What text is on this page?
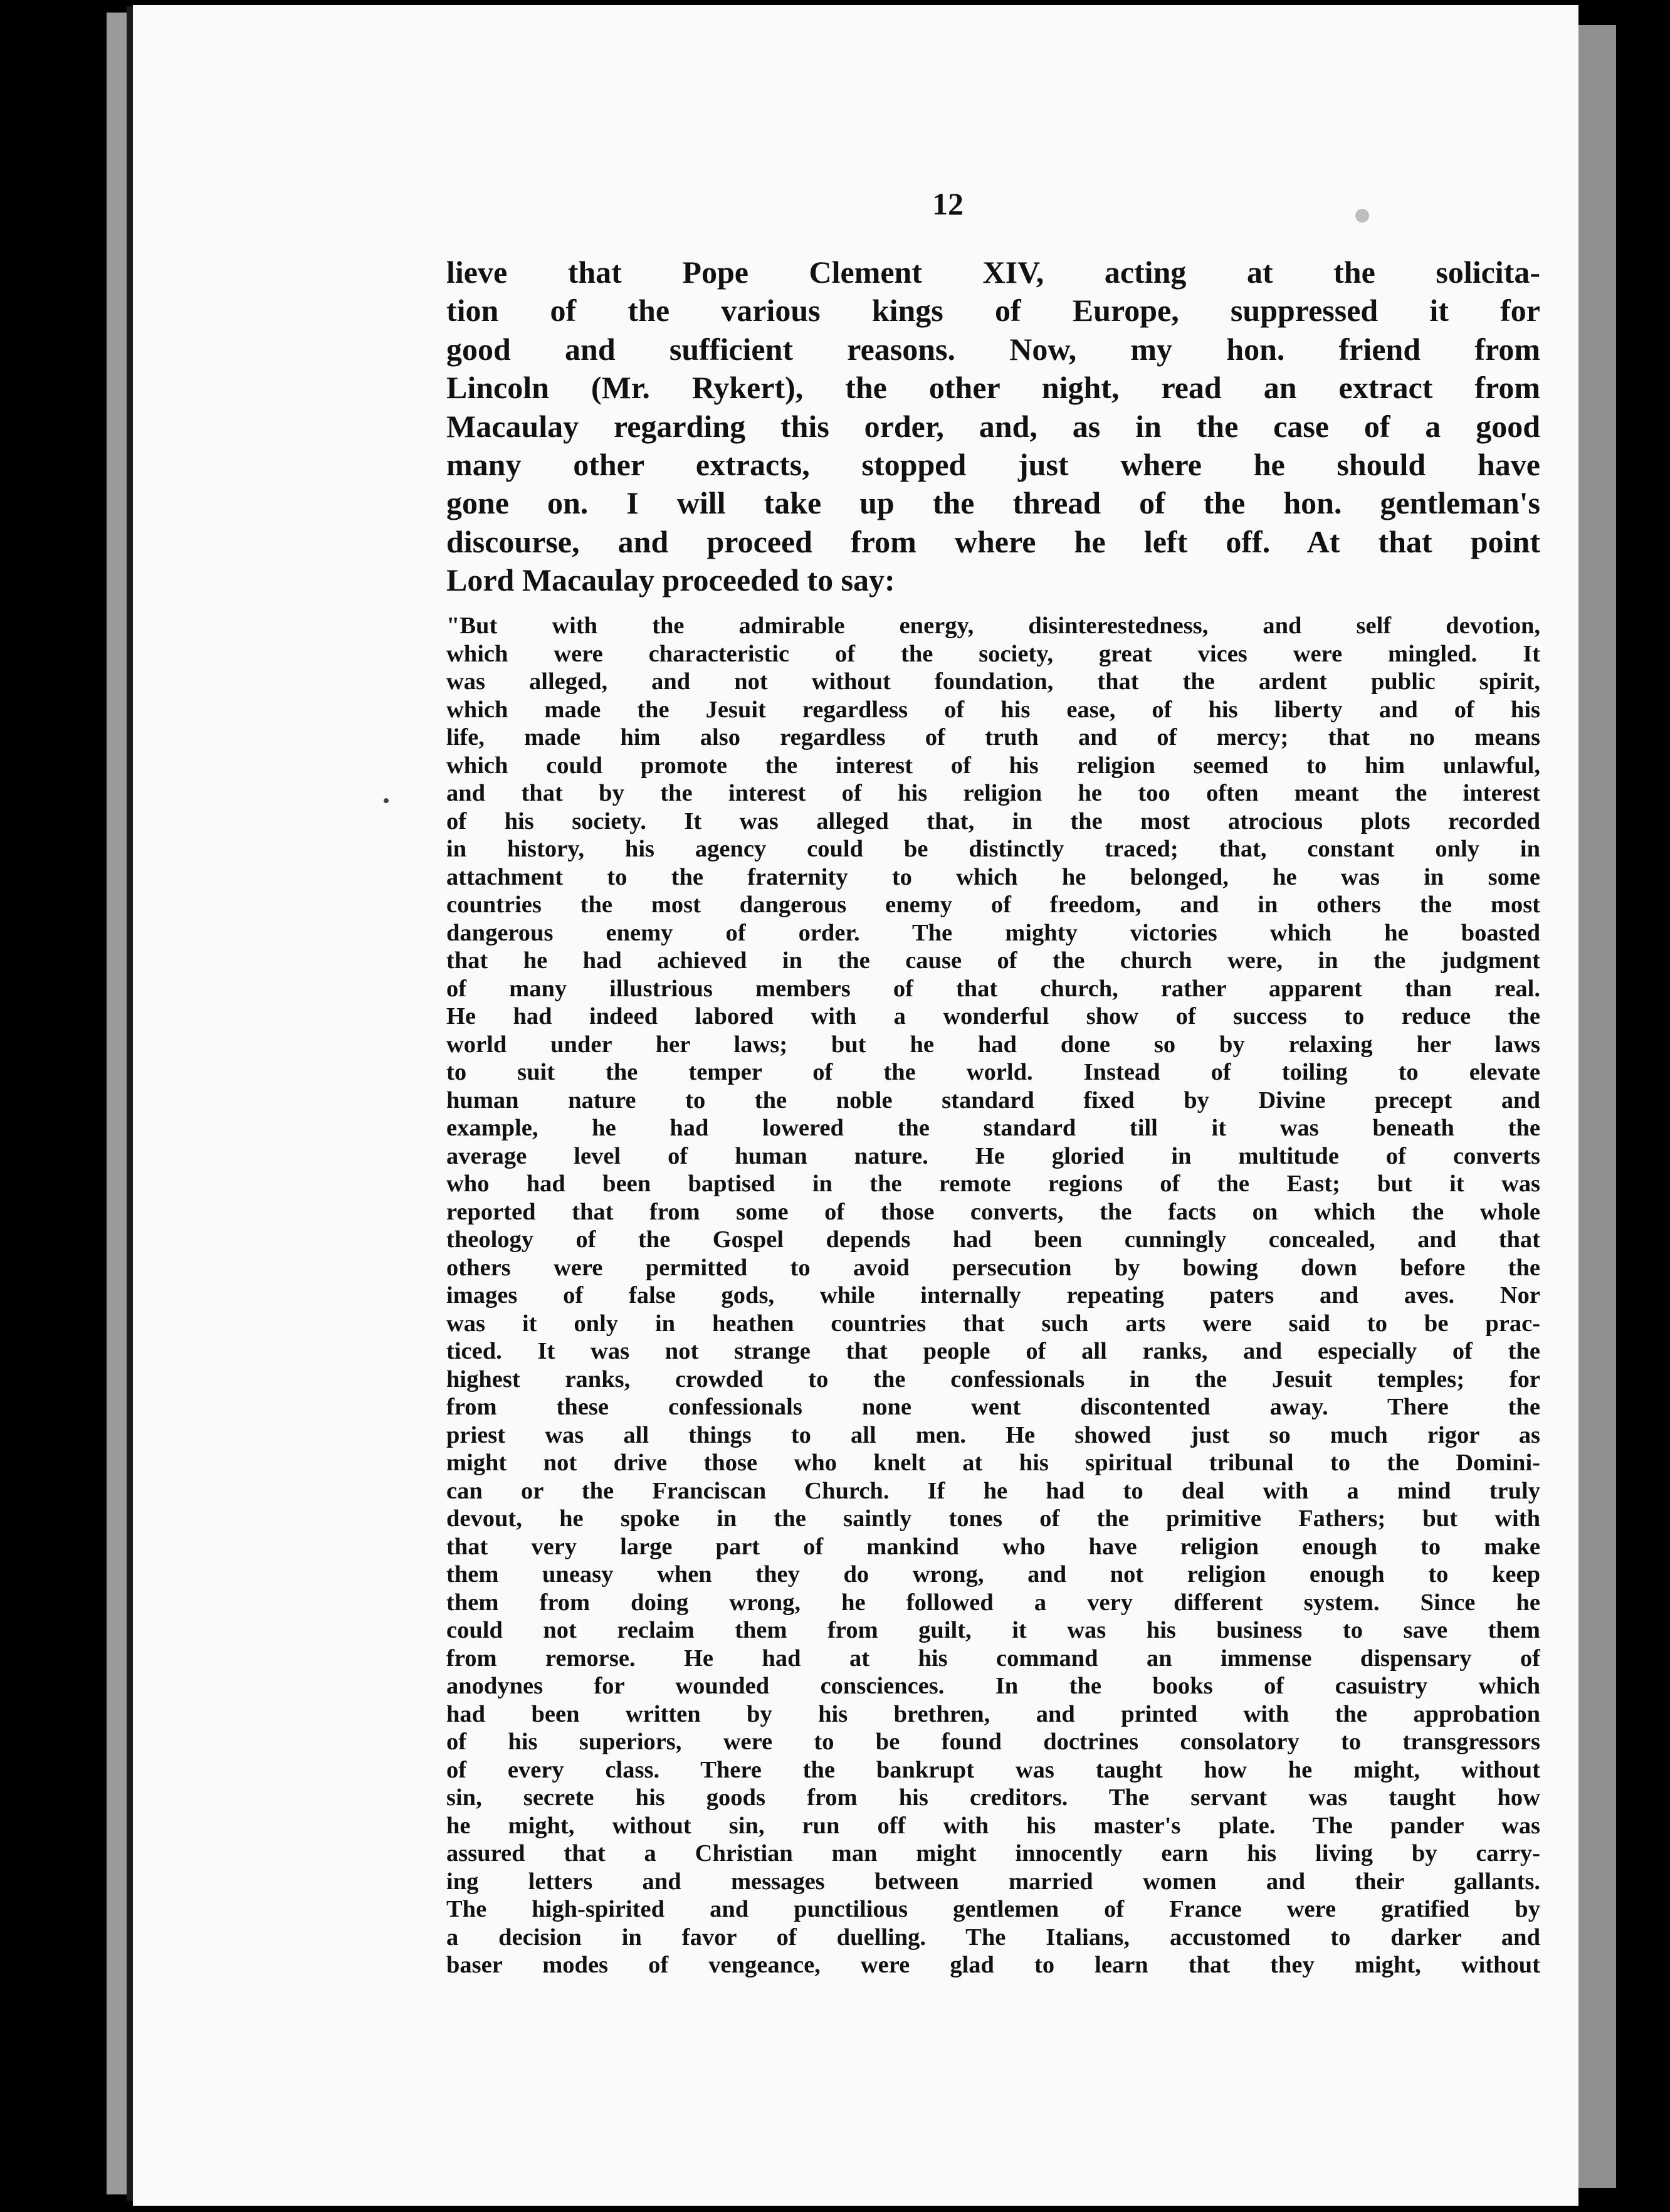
12
lieve that Pope Clement XIV, acting at the solicita-
tion of the various kings of Europe, suppressed it for
good and sufficient reasons. Now, my hon. friend from
Lincoln (Mr. Rykert), the other night, read an extract from
Macaulay regarding this order, and, as in the case of a good
many other extracts, stopped just where he should have
gone on. I will take up the thread of the hon. gentleman's
discourse, and proceed from where he left off. At that point
Lord Macaulay proceeded to say:
"But with the admirable energy, disinterestedness, and self devotion,
which were characteristic of the society, great vices were mingled. It
was alleged, and not without foundation, that the ardent public spirit,
which made the Jesuit regardless of his ease, of his liberty and of his
life, made him also regardless of truth and of mercy; that no means
which could promote the interest of his religion seemed to him unlawful,
and that by the interest of his religion he too often meant the interest
of his society. It was alleged that, in the most atrocious plots recorded
in history, his agency could be distinctly traced; that, constant only in
attachment to the fraternity to which he belonged, he was in some
countries the most dangerous enemy of freedom, and in others the most
dangerous enemy of order. The mighty victories which he boasted
that he had achieved in the cause of the church were, in the judgment
of many illustrious members of that church, rather apparent than real.
He had indeed labored with a wonderful show of success to reduce the
world under her laws; but he had done so by relaxing her laws
to suit the temper of the world. Instead of toiling to elevate
human nature to the noble standard fixed by Divine precept and
example, he had lowered the standard till it was beneath the
average level of human nature. He gloried in multitude of converts
who had been baptised in the remote regions of the East; but it was
reported that from some of those converts, the facts on which the whole
theology of the Gospel depends had been cunningly concealed, and that
others were permitted to avoid persecution by bowing down before the
images of false gods, while internally repeating paters and aves. Nor
was it only in heathen countries that such arts were said to be prac-
ticed. It was not strange that people of all ranks, and especially of the
highest ranks, crowded to the confessionals in the Jesuit temples; for
from these confessionals none went discontented away. There the
priest was all things to all men. He showed just so much rigor as
might not drive those who knelt at his spiritual tribunal to the Domini-
can or the Franciscan Church. If he had to deal with a mind truly
devout, he spoke in the saintly tones of the primitive Fathers; but with
that very large part of mankind who have religion enough to make
them uneasy when they do wrong, and not religion enough to keep
them from doing wrong, he followed a very different system. Since he
could not reclaim them from guilt, it was his business to save them
from remorse. He had at his command an immense dispensary of
anodynes for wounded consciences. In the books of casuistry which
had been written by his brethren, and printed with the approbation
of his superiors, were to be found doctrines consolatory to transgressors
of every class. There the bankrupt was taught how he might, without
sin, secrete his goods from his creditors. The servant was taught how
he might, without sin, run off with his master's plate. The pander was
assured that a Christian man might innocently earn his living by carry-
ing letters and messages between married women and their gallants.
The high-spirited and punctilious gentlemen of France were gratified by
a decision in favor of duelling. The Italians, accustomed to darker and
baser modes of vengeance, were glad to learn that they might, without
